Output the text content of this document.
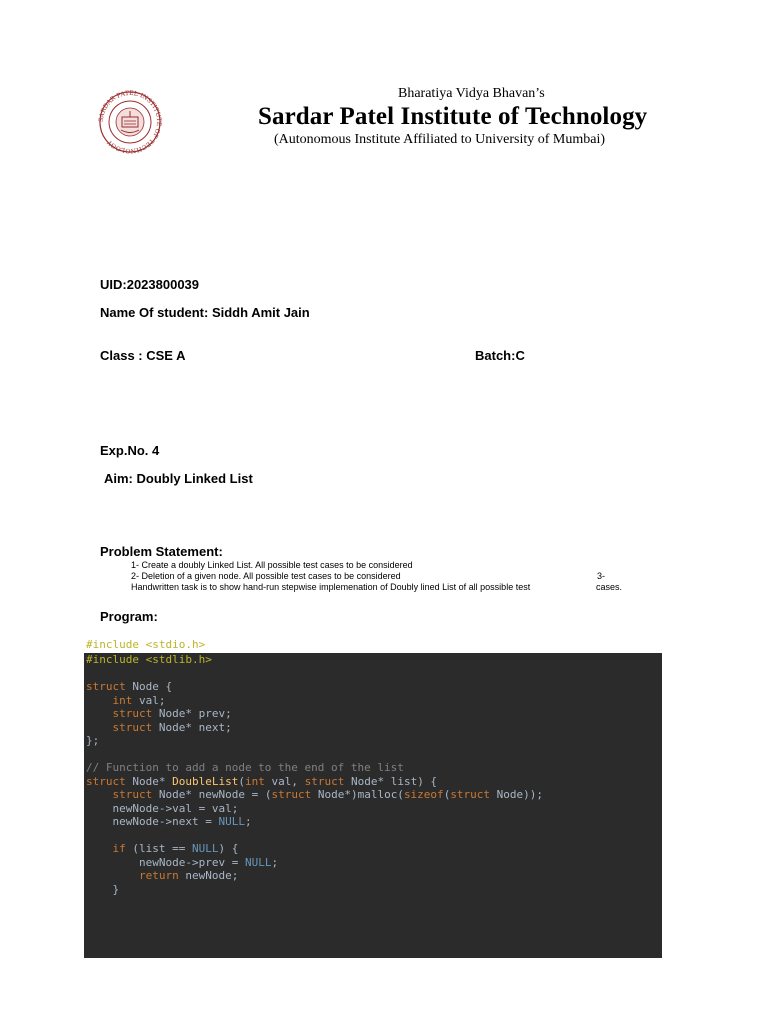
SARDAR PATEL INSTITUTE OF TECHNOLOGY
Bharatiya Vidya Bhavan’s
Sardar Patel Institute of Technology
(Autonomous Institute Affiliated to University of Mumbai)
UID:2023800039
Name Of student: Siddh Amit Jain
Class : CSE A	Batch:C
Exp.No. 4
Aim: Doubly Linked List
Problem Statement:
1- Create a doubly Linked List. All possible test cases to be considered
2- Deletion of a given node. All possible test cases to be considered	3-
Handwritten task is to show hand-run stepwise implemenation of Doubly lined List of all possible test	cases.
Program:
#include <stdio.h>
#include <stdlib.h>

struct Node {
int val;
struct Node* prev;
struct Node* next;
};

// Function to add a node to the end of the list
struct Node* DoubleList(int val, struct Node* list) {
struct Node* newNode = (struct Node*)malloc(sizeof(struct Node));
newNode->val = val;
newNode->next = NULL;

if (list == NULL) {
newNode->prev = NULL;
return newNode;
}
